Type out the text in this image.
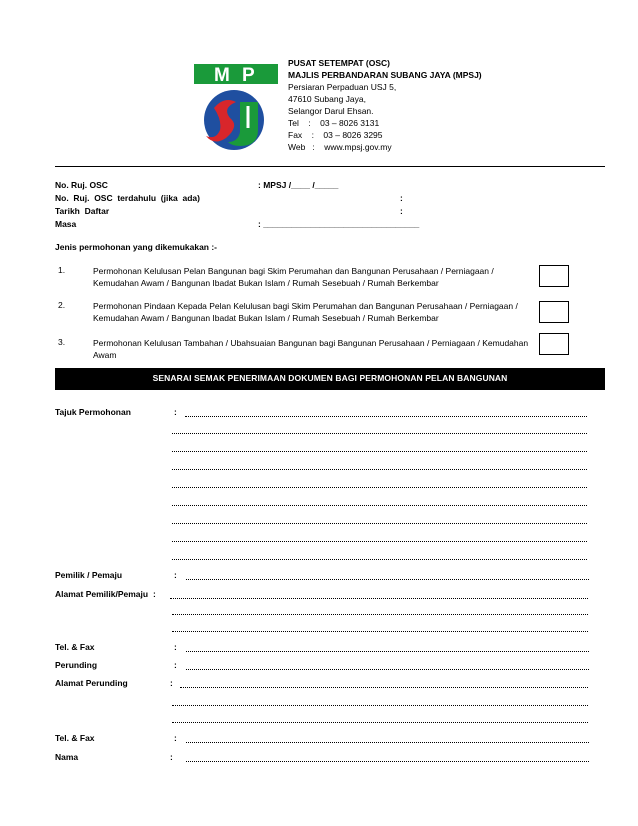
M P
PUSAT SETEMPAT (OSC)
MAJLIS PERBANDARAN SUBANG JAYA (MPSJ)
Persiaran Perpaduan USJ 5,
47610 Subang Jaya,
Selangor Darul Ehsan.
Tel    :    03 – 8026 3131
Fax    :    03 – 8026 3295
Web   :    www.mpsj.gov.my
No. Ruj. OSC	: MPSJ /____ /_____
No.  Ruj.  OSC  terdahulu  (jika  ada)	:
Tarikh  Daftar	:
Masa	: _________________________________
Jenis permohonan yang dikemukakan :-
1.	Permohonan Kelulusan Pelan Bangunan bagi Skim Perumahan dan Bangunan Perusahaan / Perniagaan / Kemudahan Awam / Bangunan Ibadat Bukan Islam / Rumah Sesebuah / Rumah Berkembar
2.	Permohonan Pindaan Kepada Pelan Kelulusan bagi Skim Perumahan dan Bangunan Perusahaan / Perniagaan / Kemudahan Awam / Bangunan Ibadat Bukan Islam / Rumah Sesebuah / Rumah Berkembar
3.	Permohonan Kelulusan Tambahan / Ubahsuaian Bangunan bagi Bangunan Perusahaan / Perniagaan / Kemudahan Awam
SENARAI SEMAK PENERIMAAN DOKUMEN BAGI PERMOHONAN PELAN BANGUNAN
Tajuk Permohonan	:
Pemilik / Pemaju	:
Alamat Pemilik/Pemaju :
Tel. & Fax	:
Perunding	:
Alamat Perunding	:
Tel. & Fax	:
Nama	:
